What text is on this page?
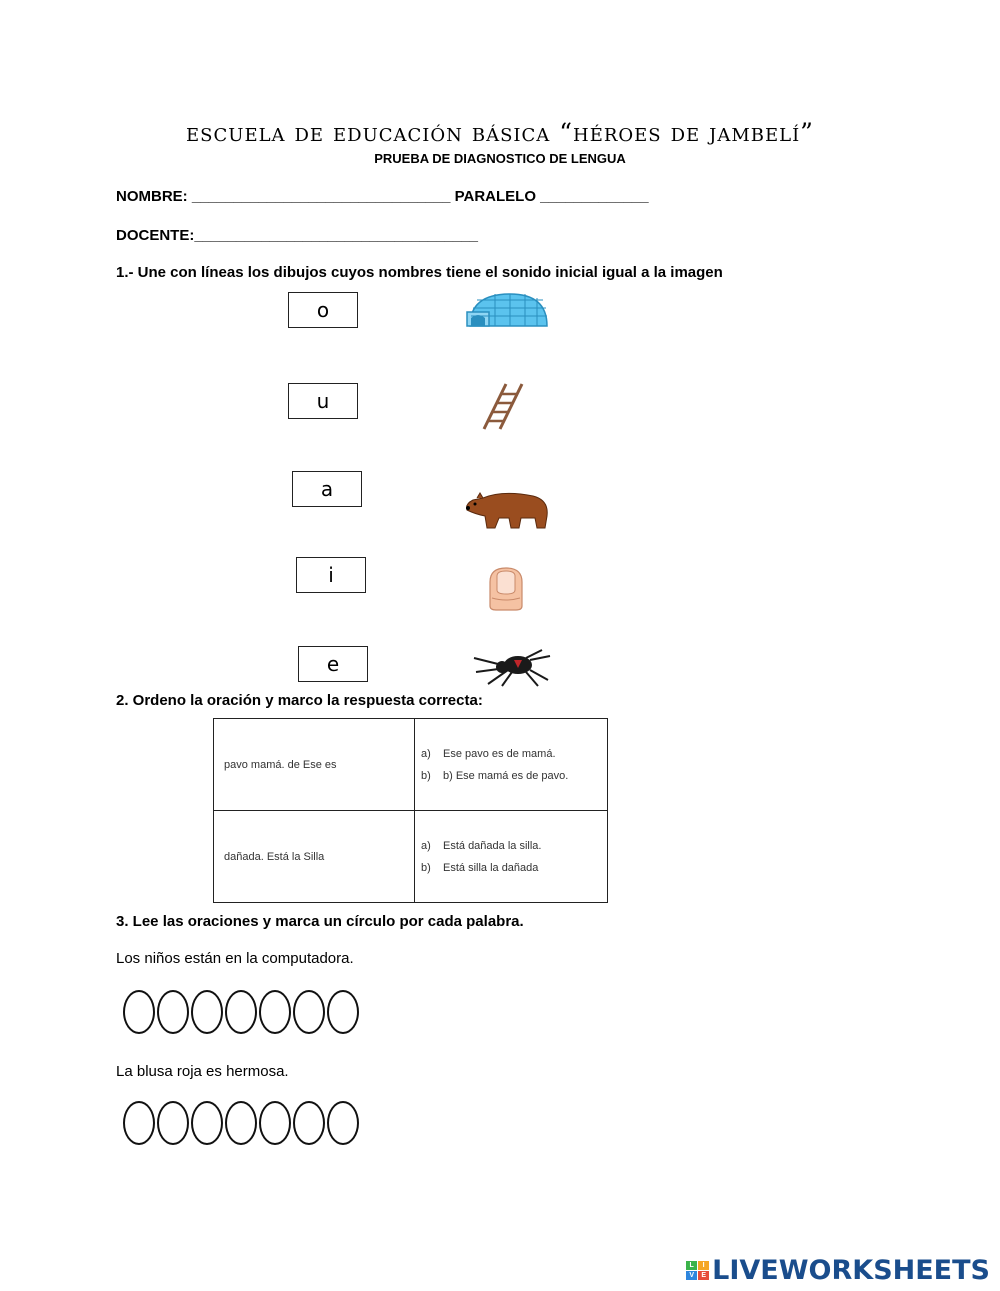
escuela de educación básica “héroes de jambelí”
PRUEBA DE DIAGNOSTICO DE LENGUA
NOMBRE: _______________________________ PARALELO _____________
DOCENTE:__________________________________
1.- Une con líneas los dibujos cuyos nombres tiene el sonido inicial igual a la imagen
o
u
a
i
e
2. Ordeno la oración y marco la respuesta correcta:
pavo mamá. de Ese es	a) Ese pavo es de mamá.
b) b) Ese mamá es de pavo.

dañada. Está la Silla	a) Está dañada la silla.
b) Está silla la dañada
3. Lee las oraciones y marca un círculo por cada palabra.
Los niños están en la computadora.
La blusa roja es hermosa.
L	I
V	E LIVEWORKSHEETS
